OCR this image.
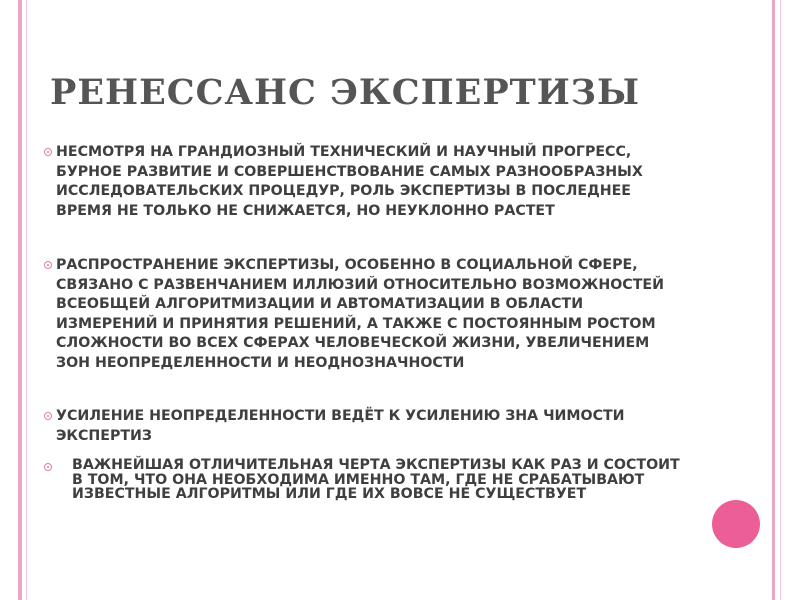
РЕНЕССАНС ЭКСПЕРТИЗЫ
НЕСМОТРЯ НА ГРАНДИОЗНЫЙ ТЕХНИЧЕСКИЙ И НАУЧНЫЙ ПРОГРЕСС, БУРНОЕ РАЗВИТИЕ И СОВЕРШЕНСТВОВАНИЕ САМЫХ РАЗНООБРАЗНЫХ ИССЛЕДОВАТЕЛЬСКИХ ПРОЦЕДУР, РОЛЬ ЭКСПЕРТИЗЫ В ПОСЛЕДНЕЕ ВРЕМЯ НЕ ТОЛЬКО НЕ СНИЖАЕТСЯ, НО НЕУКЛОННО РАСТЕТ
РАСПРОСТРАНЕНИЕ ЭКСПЕРТИЗЫ, ОСОБЕННО В СОЦИАЛЬНОЙ СФЕРЕ, СВЯЗАНО С РАЗВЕНЧАНИЕМ ИЛЛЮЗИЙ ОТНОСИТЕЛЬНО ВОЗМОЖНОСТЕЙ ВСЕОБЩЕЙ АЛГОРИТМИЗАЦИИ И АВТОМАТИЗАЦИИ В ОБЛАСТИ ИЗМЕРЕНИЙ И ПРИНЯТИЯ РЕШЕНИЙ, А ТАКЖЕ С ПОСТОЯННЫМ РОСТОМ СЛОЖНОСТИ ВО ВСЕХ СФЕРАХ ЧЕЛОВЕЧЕСКОЙ ЖИЗНИ, УВЕЛИЧЕНИЕМ ЗОН НЕОПРЕДЕЛЕННОСТИ И НЕОДНОЗНАЧНОСТИ
УСИЛЕНИЕ НЕОПРЕДЕЛЕННОСТИ ВЕДЁТ К УСИЛЕНИЮ ЗНА ЧИМОСТИ ЭКСПЕРТИЗ
ВАЖНЕЙШАЯ ОТЛИЧИТЕЛЬНАЯ ЧЕРТА ЭКСПЕРТИЗЫ КАК РАЗ И СОСТОИТ В ТОМ, ЧТО ОНА НЕОБХОДИМА ИМЕННО ТАМ, ГДЕ НЕ СРАБАТЫВАЮТ ИЗВЕСТНЫЕ АЛГОРИТМЫ ИЛИ ГДЕ ИХ ВОВСЕ НЕ СУЩЕСТВУЕТ
